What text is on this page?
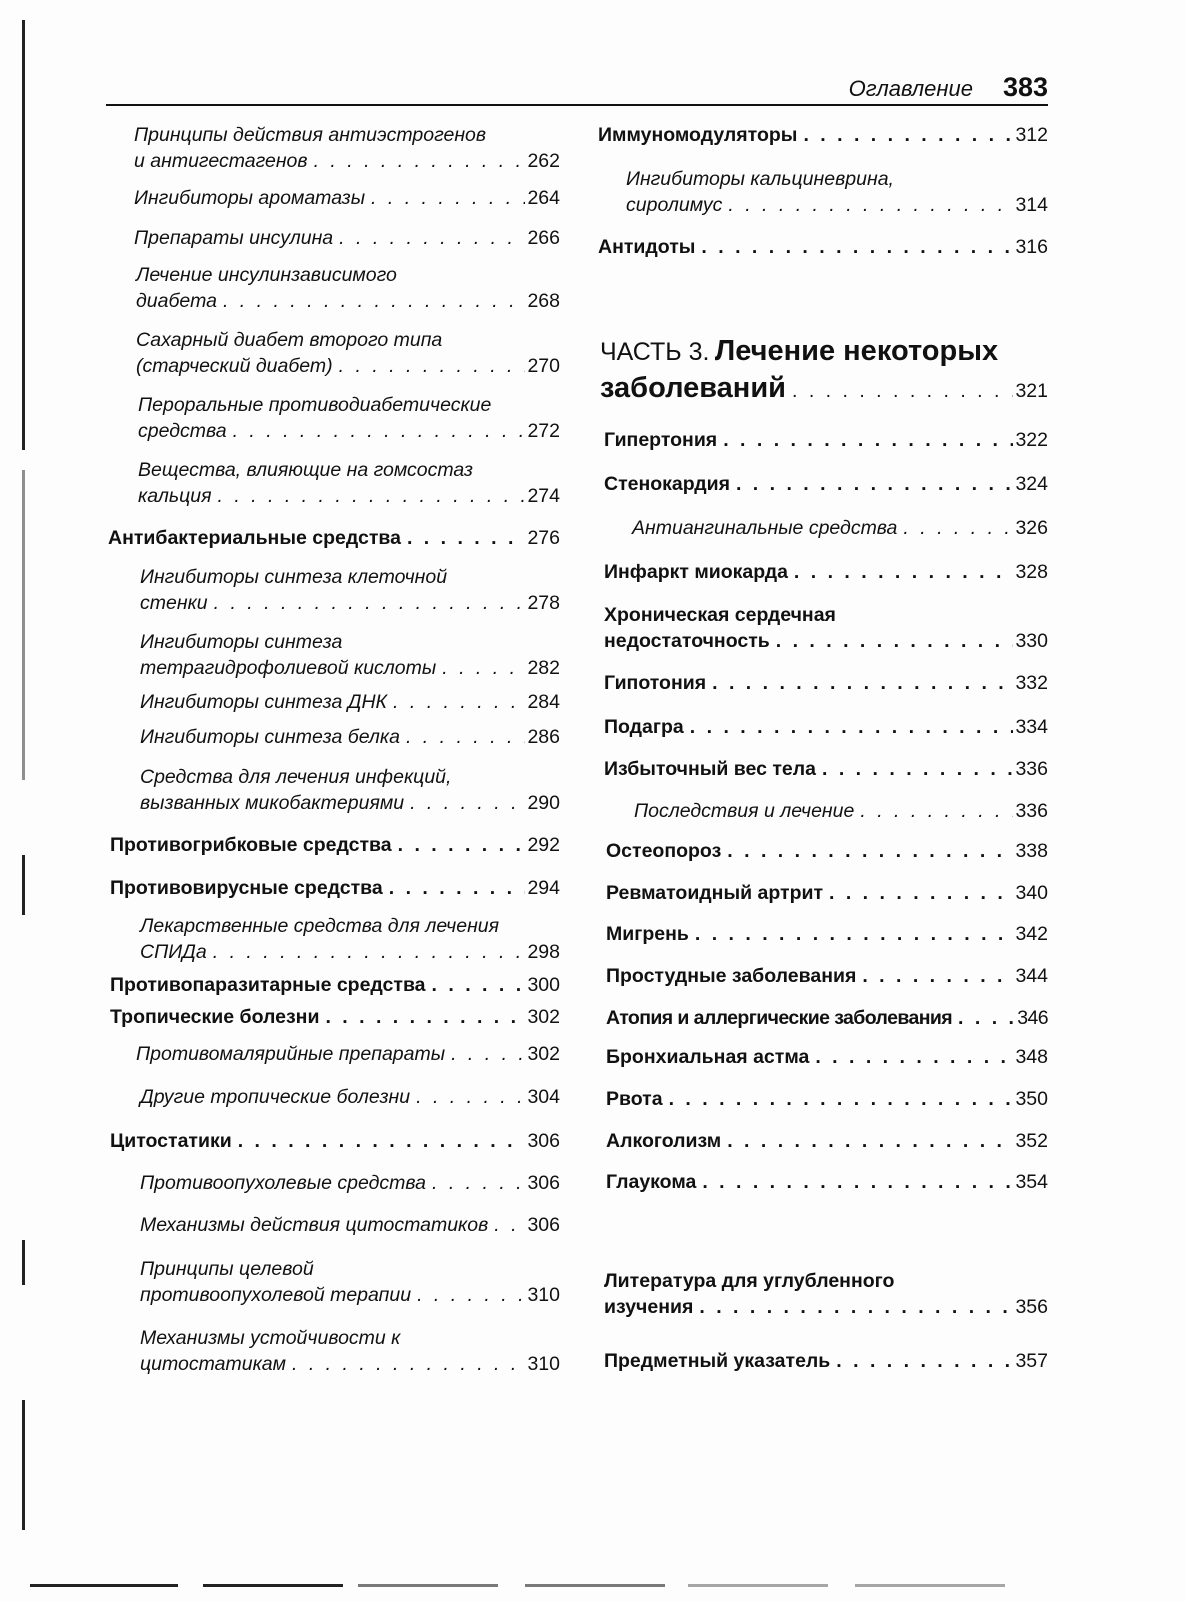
Оглавление 383
Принципы действия антиэстрогенов
и антигестагенов . . .	262
Ингибиторы ароматазы . . .	264
Препараты инсулина . . .	266
Лечение инсулинзависимого
диабета . . .	268
Сахарный диабет второго типа
(старческий диабет) . . .	270
Пероральные противодиабетические
средства . . .	272
Вещества, влияющие на гомсостаз
кальция . . .	274
Антибактериальные средства . . .	276
Ингибиторы синтеза клеточной
стенки . . .	278
Ингибиторы синтеза
тетрагидрофолиевой кислоты . . .	282
Ингибиторы синтеза ДНК . . .	284
Ингибиторы синтеза белка . . .	286
Средства для лечения инфекций,
вызванных микобактериями . . .	290
Противогрибковые средства . . .	292
Противовирусные средства . . .	294
Лекарственные средства для лечения
СПИДа . . .	298
Противопаразитарные средства . . .	300
Тропические болезни . . .	302
Противомалярийные препараты . . .	302
Другие тропические болезни . . .	304
Цитостатики . . .	306
Противоопухолевые средства . . .	306
Механизмы действия цитостатиков . . . 306
Принципы целевой
противоопухолевой терапии . . .	310
Механизмы устойчивости к
цитостатикам . . .	310
Иммуномодуляторы . . .	312
Ингибиторы кальциневрина,
сиролимус . . .	314
Антидоты . . .	316
ЧАСТЬ 3. Лечение некоторых
заболеваний . . .	321
Гипертония . . .	322
Стенокардия . . .	324
Антиангинальные средства . . .	326
Инфаркт миокарда . . .	328
Хроническая сердечная
недостаточность . . .	330
Гипотония . . .	332
Подагра . . .	334
Избыточный вес тела . . .	336
Последствия и лечение . . .	336
Остеопороз . . .	338
Ревматоидный артрит . . .	340
Мигрень . . .	342
Простудные заболевания . . .	344
Атопия и аллергические заболевания . . .	346
Бронхиальная астма . . .	348
Рвота . . .	350
Алкоголизм . . .	352
Глаукома . . .	354
Литература для углубленного
изучения . . .	356
Предметный указатель . . .	357
